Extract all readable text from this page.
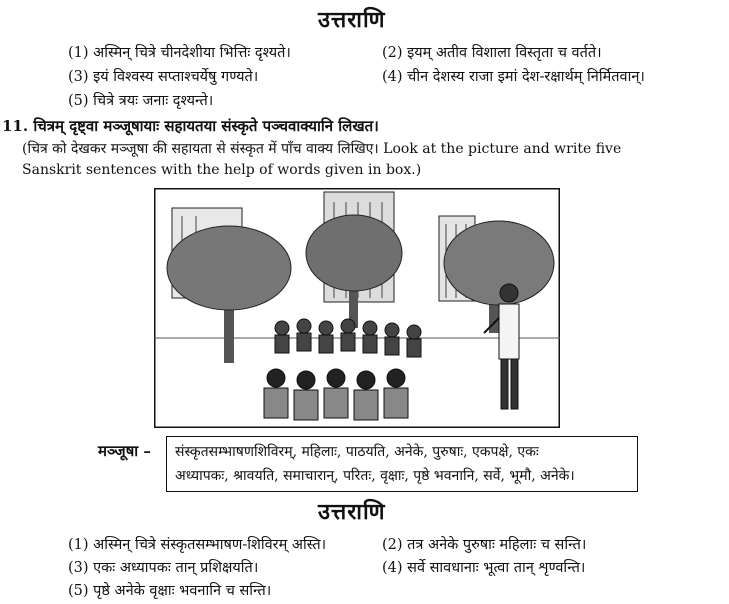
उत्तराणि
(1) अस्मिन् चित्रे चीनदेशीया भित्तिः दृश्यते।	(2) इयम् अतीव विशाला विस्तृता च वर्तते।
(3) इयं विश्वस्य सप्ताश्चर्येषु गण्यते।	(4) चीन देशस्य राजा इमां देश-रक्षार्थम् निर्मितवान्।
(5) चित्रे त्रयः जनाः दृश्यन्ते।
11. चित्रम् दृष्ट्वा मञ्जूषायाः सहायतया संस्कृते पञ्चवाक्यानि लिखत।
(चित्र को देखकर मञ्जूषा की सहायता से संस्कृत में पाँच वाक्य लिखिए। Look at the picture and write five
Sanskrit sentences with the help of words given in box.)
मञ्जूषा – संस्कृतसम्भाषणशिविरम्, महिलाः, पाठयति, अनेके, पुरुषाः, एकपक्षे, एकः
अध्यापकः, श्रावयति, समाचारान्, परितः, वृक्षाः, पृष्ठे भवनानि, सर्वे, भूमौ, अनेके।
उत्तराणि
(1) अस्मिन् चित्रे संस्कृतसम्भाषण-शिविरम् अस्ति।	(2) तत्र अनेके पुरुषाः महिलाः च सन्ति।
(3) एकः अध्यापकः तान् प्रशिक्षयति।	(4) सर्वे सावधानाः भूत्वा तान् शृण्वन्ति।
(5) पृष्ठे अनेके वृक्षाः भवनानि च सन्ति।
